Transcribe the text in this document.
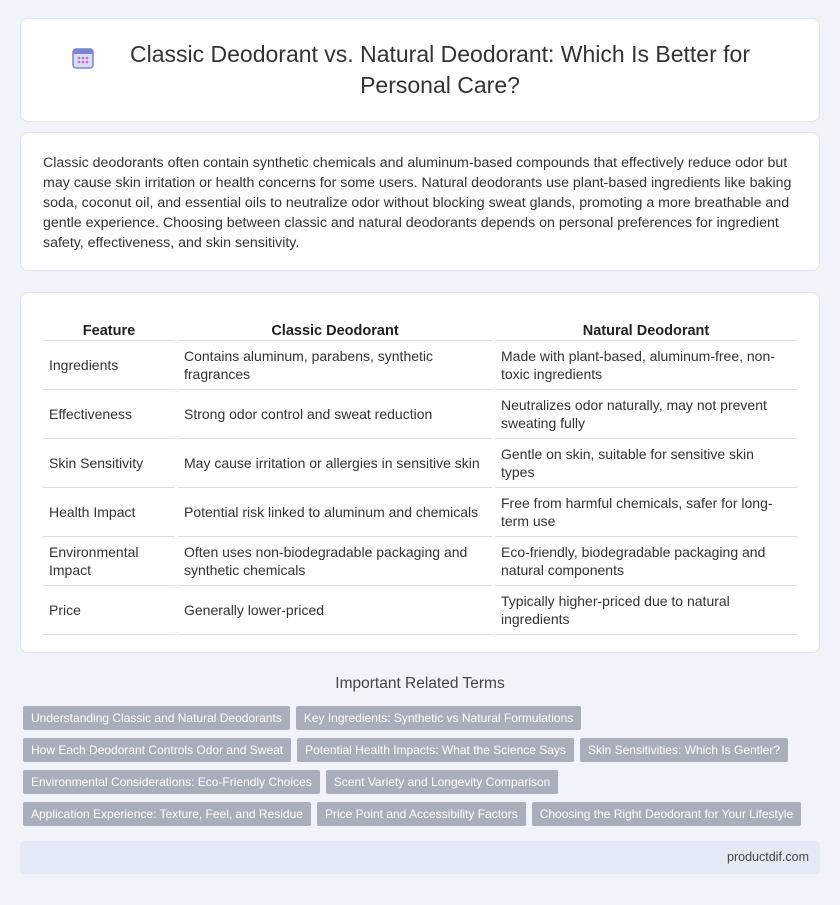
Classic Deodorant vs. Natural Deodorant: Which Is Better for Personal Care?

Classic deodorants often contain synthetic chemicals and aluminum-based compounds that effectively reduce odor but may cause skin irritation or health concerns for some users. Natural deodorants use plant-based ingredients like baking soda, coconut oil, and essential oils to neutralize odor without blocking sweat glands, promoting a more breathable and gentle experience. Choosing between classic and natural deodorants depends on personal preferences for ingredient safety, effectiveness, and skin sensitivity.

Feature	Classic Deodorant	Natural Deodorant
Ingredients	Contains aluminum, parabens, synthetic fragrances	Made with plant-based, aluminum-free, non-toxic ingredients
Effectiveness	Strong odor control and sweat reduction	Neutralizes odor naturally, may not prevent sweating fully
Skin Sensitivity	May cause irritation or allergies in sensitive skin	Gentle on skin, suitable for sensitive skin types
Health Impact	Potential risk linked to aluminum and chemicals	Free from harmful chemicals, safer for long-term use
Environmental Impact	Often uses non-biodegradable packaging and synthetic chemicals	Eco-friendly, biodegradable packaging and natural components
Price	Generally lower-priced	Typically higher-priced due to natural ingredients
Important Related Terms
Understanding Classic and Natural Deodorants	Key Ingredients: Synthetic vs Natural Formulations
How Each Deodorant Controls Odor and Sweat	Potential Health Impacts: What the Science Says	Skin Sensitivities: Which Is Gentler?
Environmental Considerations: Eco-Friendly Choices	Scent Variety and Longevity Comparison
Application Experience: Texture, Feel, and Residue	Price Point and Accessibility Factors	Choosing the Right Deodorant for Your Lifestyle
productdif.com
